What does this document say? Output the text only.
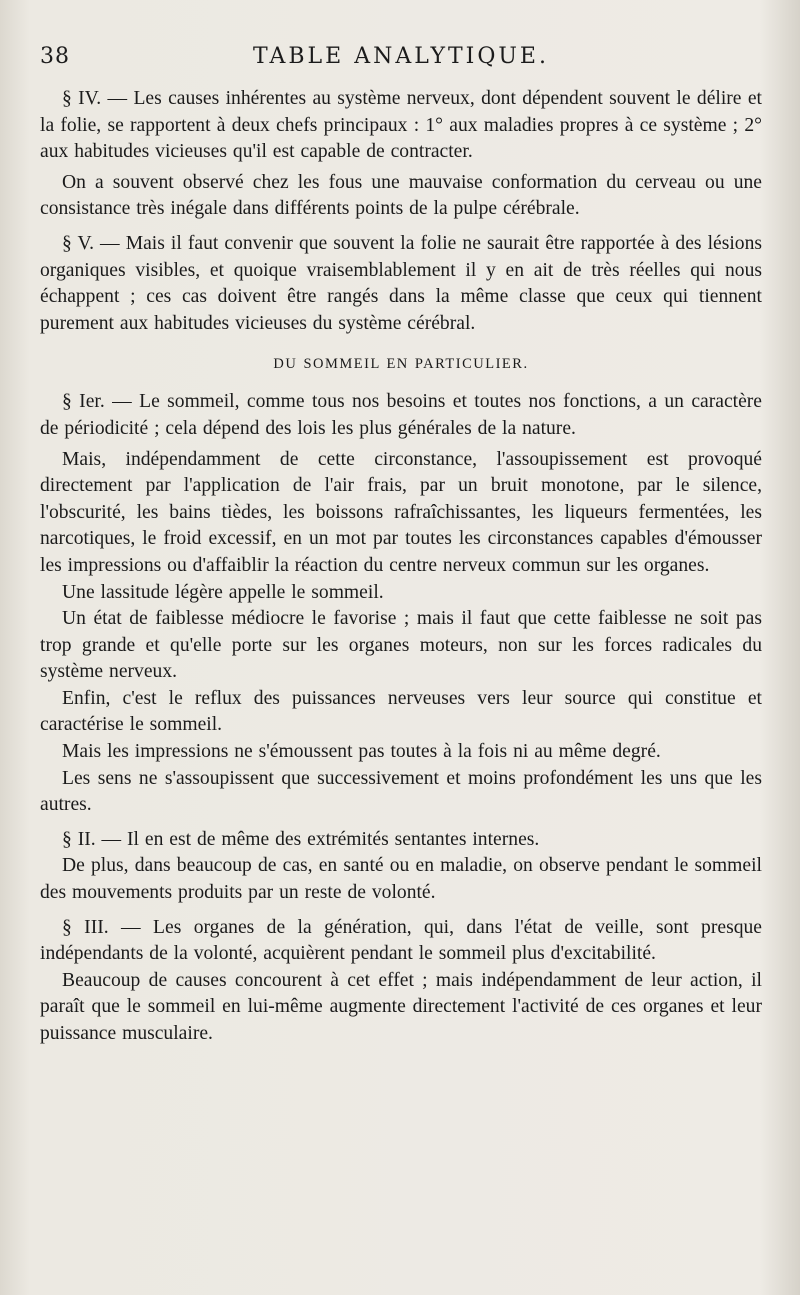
38	TABLE ANALYTIQUE.

§ IV. — Les causes inhérentes au système nerveux, dont dépendent souvent le délire et la folie, se rapportent à deux chefs principaux : 1° aux maladies propres à ce système ; 2° aux habitudes vicieuses qu'il est capable de contracter.

On a souvent observé chez les fous une mauvaise conformation du cerveau ou une consistance très inégale dans différents points de la pulpe cérébrale.

§ V. — Mais il faut convenir que souvent la folie ne saurait être rapportée à des lésions organiques visibles, et quoique vraisemblablement il y en ait de très réelles qui nous échappent ; ces cas doivent être rangés dans la même classe que ceux qui tiennent purement aux habitudes vicieuses du système cérébral.

DU SOMMEIL EN PARTICULIER.

§ Ier. — Le sommeil, comme tous nos besoins et toutes nos fonctions, a un caractère de périodicité ; cela dépend des lois les plus générales de la nature.

Mais, indépendamment de cette circonstance, l'assoupissement est provoqué directement par l'application de l'air frais, par un bruit monotone, par le silence, l'obscurité, les bains tièdes, les boissons rafraîchissantes, les liqueurs fermentées, les narcotiques, le froid excessif, en un mot par toutes les circonstances capables d'émousser les impressions ou d'affaiblir la réaction du centre nerveux commun sur les organes.

Une lassitude légère appelle le sommeil.

Un état de faiblesse médiocre le favorise ; mais il faut que cette faiblesse ne soit pas trop grande et qu'elle porte sur les organes moteurs, non sur les forces radicales du système nerveux.

Enfin, c'est le reflux des puissances nerveuses vers leur source qui constitue et caractérise le sommeil.

Mais les impressions ne s'émoussent pas toutes à la fois ni au même degré.

Les sens ne s'assoupissent que successivement et moins profondément les uns que les autres.

§ II. — Il en est de même des extrémités sentantes internes.

De plus, dans beaucoup de cas, en santé ou en maladie, on observe pendant le sommeil des mouvements produits par un reste de volonté.

§ III. — Les organes de la génération, qui, dans l'état de veille, sont presque indépendants de la volonté, acquièrent pendant le sommeil plus d'excitabilité.

Beaucoup de causes concourent à cet effet ; mais indépendamment de leur action, il paraît que le sommeil en lui-même augmente directement l'activité de ces organes et leur puissance musculaire.
